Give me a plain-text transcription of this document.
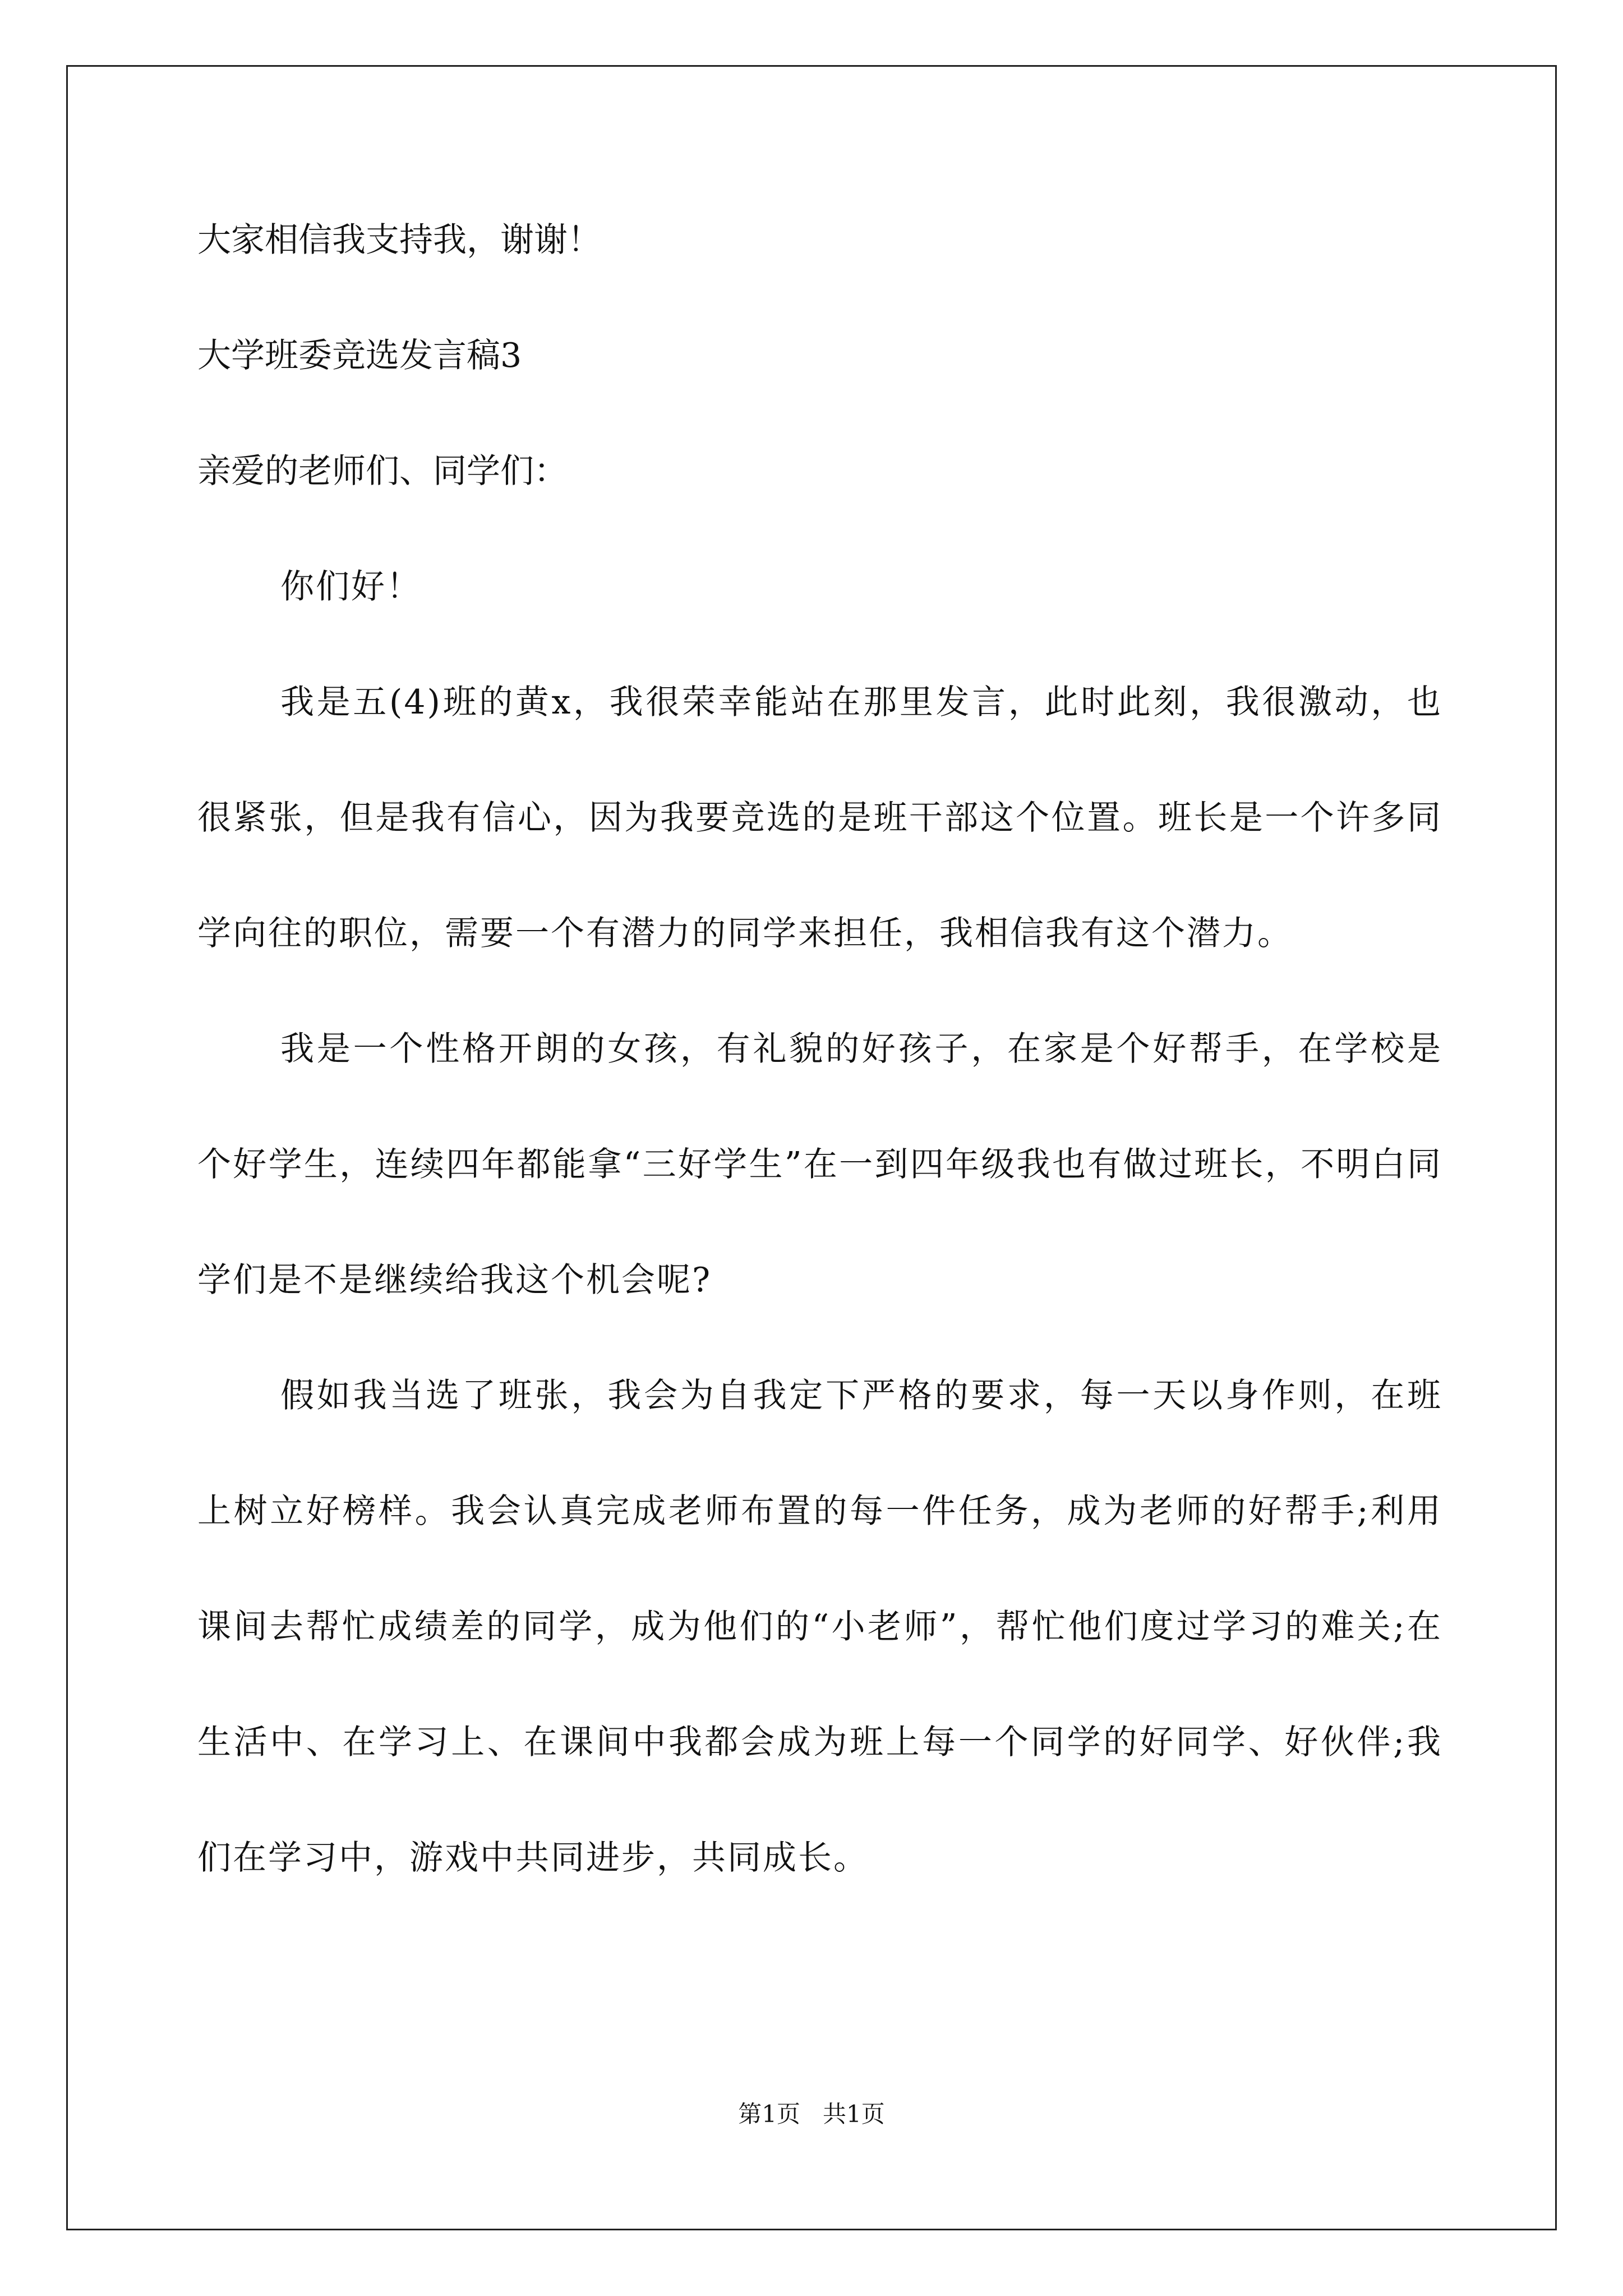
大家相信我支持我，谢谢！
大学班委竞选发言稿3
亲爱的老师们、同学们：
你们好！
我是五(4)班的黄x，我很荣幸能站在那里发言，此时此刻，我很激动，也很紧张，但是我有信心，因为我要竞选的是班干部这个位置。班长是一个许多同学向往的职位，需要一个有潜力的同学来担任，我相信我有这个潜力。
我是一个性格开朗的女孩，有礼貌的好孩子，在家是个好帮手，在学校是个好学生，连续四年都能拿“三好学生”在一到四年级我也有做过班长，不明白同学们是不是继续给我这个机会呢?
假如我当选了班张，我会为自我定下严格的要求，每一天以身作则，在班上树立好榜样。我会认真完成老师布置的每一件任务，成为老师的好帮手;利用课间去帮忙成绩差的同学，成为他们的“小老师”，帮忙他们度过学习的难关;在生活中、在学习上、在课间中我都会成为班上每一个同学的好同学、好伙伴;我们在学习中，游戏中共同进步，共同成长。
第1页 共1页
